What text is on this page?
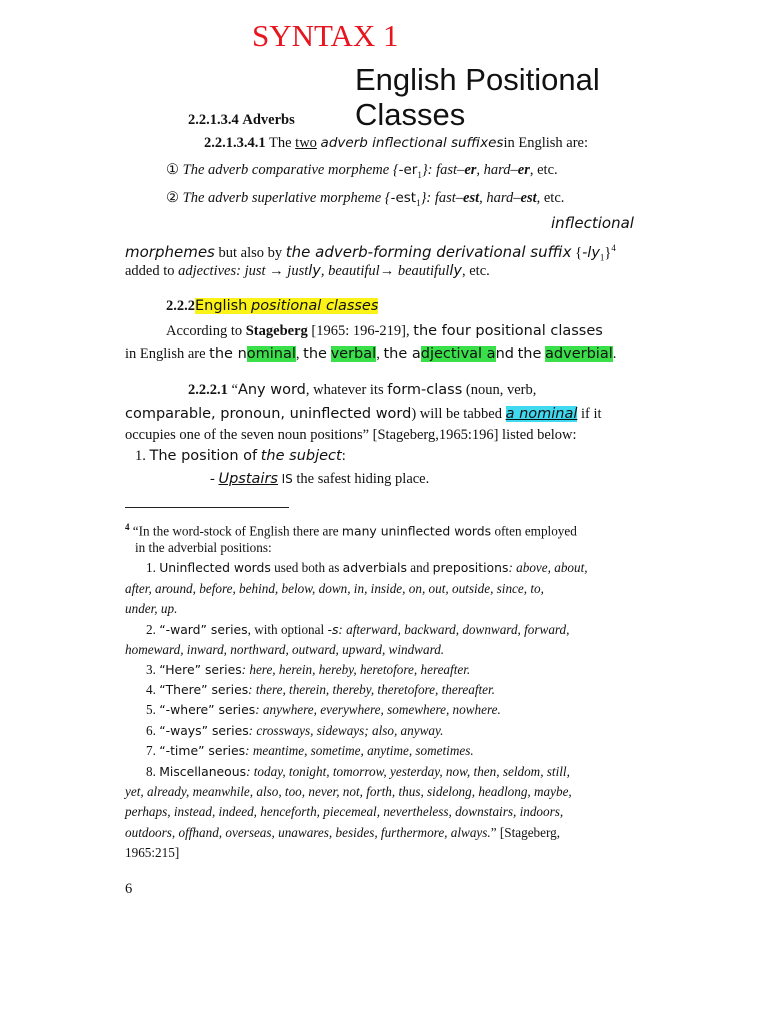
SYNTAX 1
English Positional
Classes
2.2.1.3.4 Adverbs
2.2.1.3.4.1 The two adverb inflectional suffixesin English are:
① The adverb comparative morpheme $\{-er_1\}$: fast–er, hard–er, etc.
② The adverb superlative morpheme {-est$_1$}: fast–est, hard–est, etc.
inflectional
morphemes but also by the adverb-forming derivational suffix $\{-ly_1\}^4$
added to adjectives: just → justly, beautiful→ beautifully, etc.
2.2.2English positional classes
According to Stageberg [1965: 196-219], the four positional classes
in English are the nominal, the verbal, the adjectival and the adverbial.
2.2.2.1 “Any word, whatever its form-class (noun, verb,
comparable, pronoun, uninflected word) will be tabbed a nominal if it
occupies one of the seven noun positions” [Stageberg,1965:196] listed below:
1. The position of the subject:
- Upstairs IS the safest hiding place.
$^4$ “In the word-stock of English there are many uninflected words often employed
in the adverbial positions:
1. Uninflected words used both as adverbials and prepositions: above, about,
after, around, before, behind, below, down, in, inside, on, out, outside, since, to,
under, up.
2. “-ward” series, with optional -s: afterward, backward, downward, forward,
homeward, inward, northward, outward, upward, windward.
3. “Here” series: here, herein, hereby, heretofore, hereafter.
4. “There” series: there, therein, thereby, theretofore, thereafter.
5. “-where” series: anywhere, everywhere, somewhere, nowhere.
6. “-ways” series: crossways, sideways; also, anyway.
7. “-time” series: meantime, sometime, anytime, sometimes.
8. Miscellaneous: today, tonight, tomorrow, yesterday, now, then, seldom, still,
yet, already, meanwhile, also, too, never, not, forth, thus, sidelong, headlong, maybe,
perhaps, instead, indeed, henceforth, piecemeal, nevertheless, downstairs, indoors,
outdoors, offhand, overseas, unawares, besides, furthermore, always.” [Stageberg,
1965:215]
6
